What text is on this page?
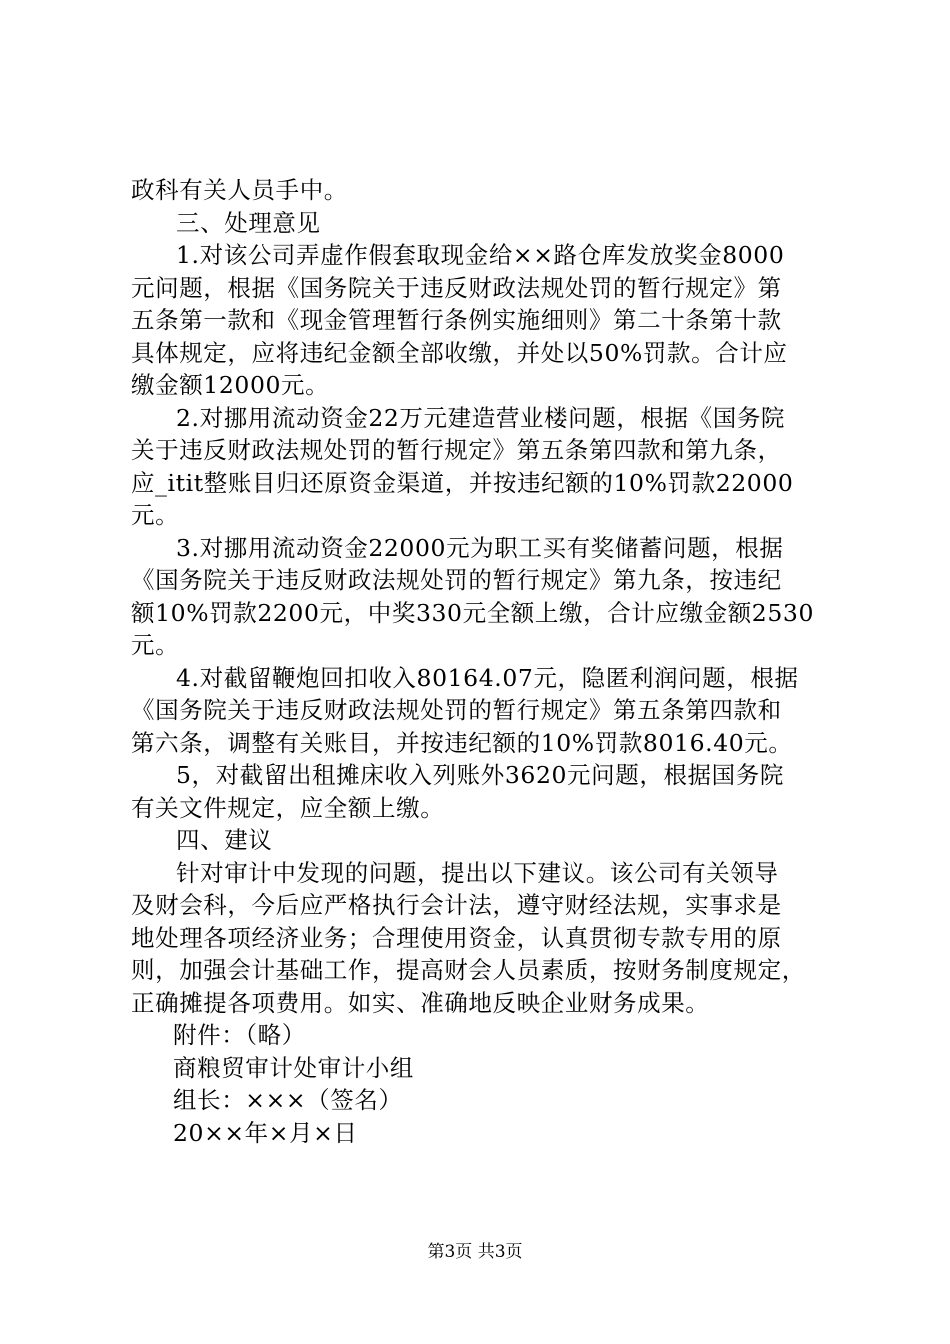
政科有关人员手中。
三、处理意见
1.对该公司弄虚作假套取现金给××路仓库发放奖金8000
元问题，根据《国务院关于违反财政法规处罚的暂行规定》第
五条第一款和《现金管理暂行条例实施细则》第二十条第十款
具体规定，应将违纪金额全部收缴，并处以50%罚款。合计应
缴金额12000元。
2.对挪用流动资金22万元建造营业楼问题，根据《国务院
关于违反财政法规处罚的暂行规定》第五条第四款和第九条，
应_itit整账目归还原资金渠道，并按违纪额的10%罚款22000
元。
3.对挪用流动资金22000元为职工买有奖储蓄问题，根据
《国务院关于违反财政法规处罚的暂行规定》第九条，按违纪
额10%罚款2200元，中奖330元全额上缴，合计应缴金额2530
元。
4.对截留鞭炮回扣收入80164.07元，隐匿利润问题，根据
《国务院关于违反财政法规处罚的暂行规定》第五条第四款和
第六条，调整有关账目，并按违纪额的10%罚款8016.40元。
5，对截留出租摊床收入列账外3620元问题，根据国务院
有关文件规定，应全额上缴。
四、建议
针对审计中发现的问题，提出以下建议。该公司有关领导
及财会科，今后应严格执行会计法，遵守财经法规，实事求是
地处理各项经济业务；合理使用资金，认真贯彻专款专用的原
则，加强会计基础工作，提高财会人员素质，按财务制度规定，
正确摊提各项费用。如实、准确地反映企业财务成果。
附件：（略）
商粮贸审计处审计小组
组长：×××（签名）
20××年×月×日
第3页 共3页
